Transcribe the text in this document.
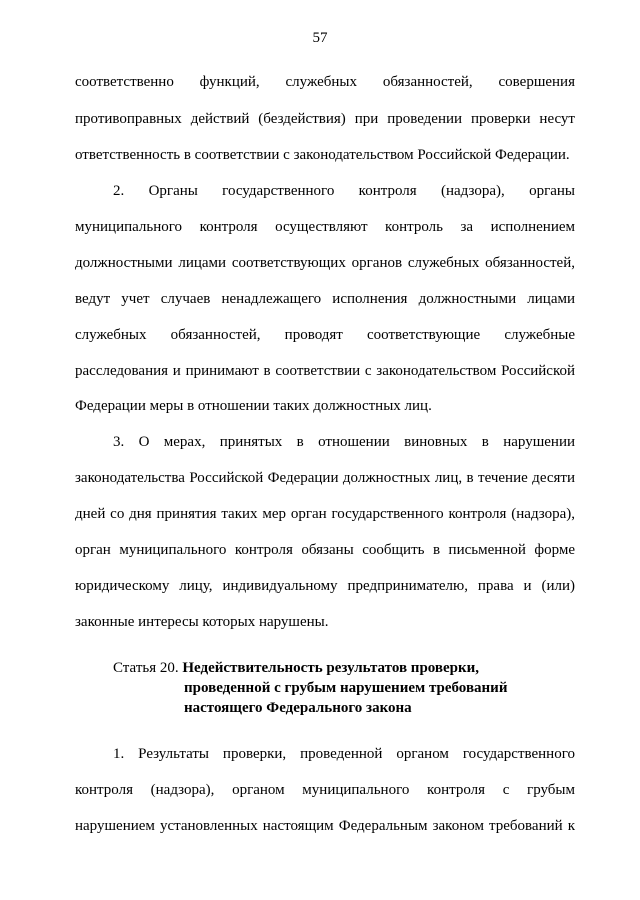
57
соответственно функций, служебных обязанностей, совершения
противоправных действий (бездействия) при проведении проверки несут
ответственность в соответствии с законодательством Российской Федерации.
2. Органы государственного контроля (надзора), органы
муниципального контроля осуществляют контроль за исполнением
должностными лицами соответствующих органов служебных обязанностей,
ведут учет случаев ненадлежащего исполнения должностными лицами
служебных обязанностей, проводят соответствующие служебные
расследования и принимают в соответствии с законодательством Российской
Федерации меры в отношении таких должностных лиц.
3. О мерах, принятых в отношении виновных в нарушении
законодательства Российской Федерации должностных лиц, в течение десяти
дней со дня принятия таких мер орган государственного контроля (надзора),
орган муниципального контроля обязаны сообщить в письменной форме
юридическому лицу, индивидуальному предпринимателю, права и (или)
законные интересы которых нарушены.
Статья 20. Недействительность результатов проверки,
проведенной с грубым нарушением требований
настоящего Федерального закона
1. Результаты проверки, проведенной органом государственного
контроля (надзора), органом муниципального контроля с грубым
нарушением установленных настоящим Федеральным законом требований к
